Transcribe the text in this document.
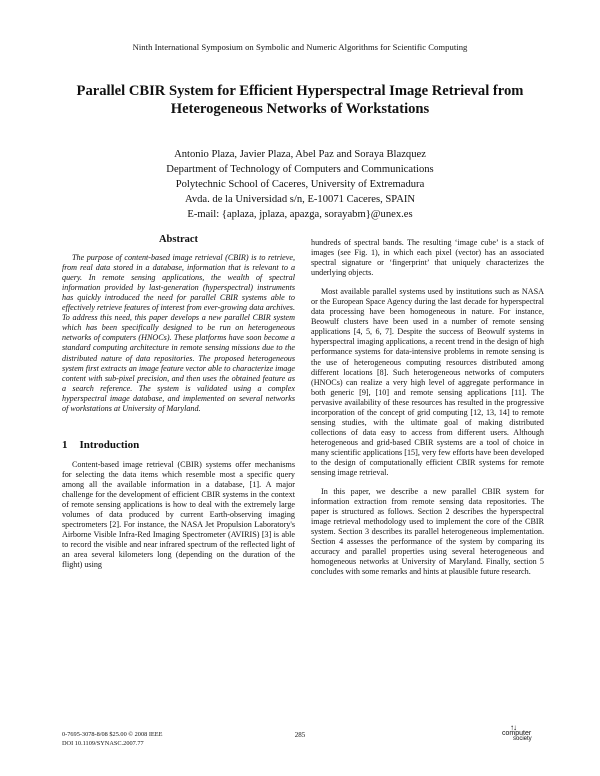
Ninth International Symposium on Symbolic and Numeric Algorithms for Scientific Computing
Parallel CBIR System for Efficient Hyperspectral Image Retrieval from
Heterogeneous Networks of Workstations
Antonio Plaza, Javier Plaza, Abel Paz and Soraya Blazquez
Department of Technology of Computers and Communications
Polytechnic School of Caceres, University of Extremadura
Avda. de la Universidad s/n, E-10071 Caceres, SPAIN
E-mail: {aplaza, jplaza, apazga, sorayabm}@unex.es
Abstract

The purpose of content-based image retrieval (CBIR) is to retrieve, from real data stored in a database, information that is relevant to a query. In remote sensing applications, the wealth of spectral information provided by last-generation (hyperspectral) instruments has quickly introduced the need for parallel CBIR systems able to effectively retrieve features of interest from ever-growing data archives. To address this need, this paper develops a new parallel CBIR system which has been specifically designed to be run on heterogeneous networks of computers (HNOCs). These platforms have soon become a standard computing architecture in remote sensing missions due to the distributed nature of data repositories. The proposed heterogeneous system first extracts an image feature vector able to characterize image content with sub-pixel precision, and then uses the obtained feature as a search reference. The system is validated using a complex hyperspectral image database, and implemented on several networks of workstations at University of Maryland.

1 Introduction

Content-based image retrieval (CBIR) systems offer mechanisms for selecting the data items which resemble most a specific query among all the available information in a database, [1]. A major challenge for the development of efficient CBIR systems in the context of remote sensing applications is how to deal with the extremely large volumes of data produced by current Earth-observing imaging spectrometers [2]. For instance, the NASA Jet Propulsion Laboratory's Airborne Visible Infra-Red Imaging Spectrometer (AVIRIS) [3] is able to record the visible and near infrared spectrum of the reflected light of an area several kilometers long (depending on the duration of the flight) using

hundreds of spectral bands. The resulting ‘image cube’ is a stack of images (see Fig. 1), in which each pixel (vector) has an associated spectral signature or ‘fingerprint’ that uniquely characterizes the underlying objects.

Most available parallel systems used by institutions such as NASA or the European Space Agency during the last decade for hyperspectral data processing have been homogeneous in nature. For instance, Beowulf clusters have been used in a number of remote sensing applications [4, 5, 6, 7]. Despite the success of Beowulf systems in hyperspectral imaging applications, a recent trend in the design of high performance systems for data-intensive problems in remote sensing is the use of heterogeneous computing resources distributed among different locations [8]. Such heterogeneous networks of computers (HNOCs) can realize a very high level of aggregate performance in both generic [9], [10] and remote sensing applications [11]. The pervasive availability of these resources has resulted in the progressive incorporation of the concept of grid computing [12, 13, 14] to remote sensing studies, with the ultimate goal of making distributed collections of data easy to access from different users. Although heterogeneous and grid-based CBIR systems are a tool of choice in many scientific applications [15], very few efforts have been developed to the design of computationally efficient CBIR systems for remote sensing image retrieval.

In this paper, we describe a new parallel CBIR system for information extraction from remote sensing data repositories. The paper is structured as follows. Section 2 describes the hyperspectral image retrieval methodology used to implement the core of the CBIR system. Section 3 describes its parallel heterogeneous implementation. Section 4 assesses the performance of the system by comparing its accuracy and parallel properties using several heterogeneous and homogeneous networks at University of Maryland. Finally, section 5 concludes with some remarks and hints at plausible future research.

0-7695-3078-8/08 $25.00 © 2008 IEEE
DOI 10.1109/SYNASC.2007.77
285
↑↓
computer
society
